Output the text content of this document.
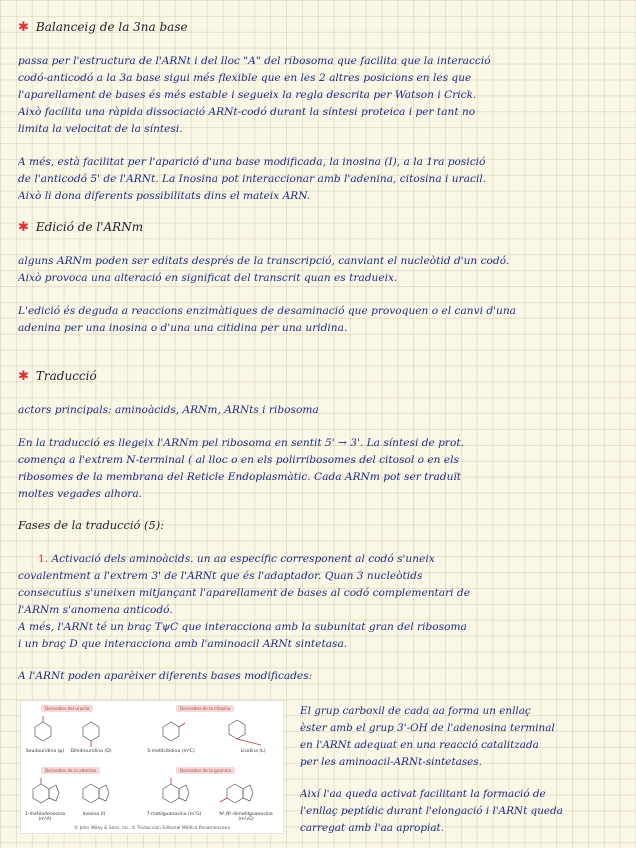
✱ Balanceig de la 3na base
passa per l'estructura de l'ARNt i del lloc "A" del ribosoma que facilita que la interacció
codó-anticodó a la 3a base sigui més flexible que en les 2 altres posicions en les que
l'aparellament de bases és més estable i segueix la regla descrita per Watson i Crick.
Això facilita una ràpida dissociació ARNt-codó durant la síntesi proteica i per tant no
limita la velocitat de la síntesi.
A més, està facilitat per l'aparició d'una base modificada, la inosina (I), a la 1ra posició
de l'anticodó 5' de l'ARNt. La Inosina pot interaccionar amb l'adenina, citosina i uracil.
Això li dona diferents possibilitats dins el mateix ARN.
✱ Edició de l'ARNm
alguns ARNm poden ser editats després de la transcripció, canviant el nucleòtid d'un codó.
Això provoca una alteració en significat del transcrit quan es tradueix.
L'edició és deguda a reaccions enzimàtiques de desaminació que provoquen o el canvi d'una
adenina per una inosina o d'una una citidina per una uridina.
✱ Traducció
actors principals: aminoàcids, ARNm, ARNts i ribosoma
En la traducció es llegeix l'ARNm pel ribosoma en sentit 5' → 3'. La síntesi de prot.
comença a l'extrem N-terminal ( al lloc o en els polirribosomes del citosol o en els
ribosomes de la membrana del Reticle Endoplasmàtic. Cada ARNm pot ser traduït
moltes vegades alhora.
Fases de la traducció (5):
1. Activació dels aminoàcids. un aa específic corresponent al codó s'uneix
covalentment a l'extrem 3' de l'ARNt que és l'adaptador. Quan 3 nucleòtids
consecutius s'uneixen mitjançant l'aparellament de bases al codó complementari de
l'ARNm s'anomena anticodó.
A més, l'ARNt té un braç TψC que interacciona amb la subunitat gran del ribosoma
i un braç D que interacciona amb l'aminoacil ARNt sintetasa.
A l'ARNt poden aparèixer diferents bases modificades:
El grup carboxil de cada aa forma un enllaç
èster amb el grup 3'-OH de l'adenosina terminal
en l'ARNt adequat en una reacció catalitzada
per les aminoacil-ARNt-sintetases.
Així l'aa queda activat facilitant la formació de
l'enllaç peptídic durant l'elongació i l'ARNt queda
carregat amb l'aa apropiat.
Derivados del uracilo	Derivados de la citosina
Derivados de la adenina	Derivados de la guanina
Seudouridina (ψ)	Dihidrouridina (D)	5-metilcitidina (m⁵C)	Lisidina (L)
1-metiladenosina (m¹A)
Inosina (I)	7-metilguanosina (m⁷G)	N²,N²-dimetilguanosina (m²₂G)
© John Wiley & Sons, Inc. © Traducción Editorial Médica Panamericana
